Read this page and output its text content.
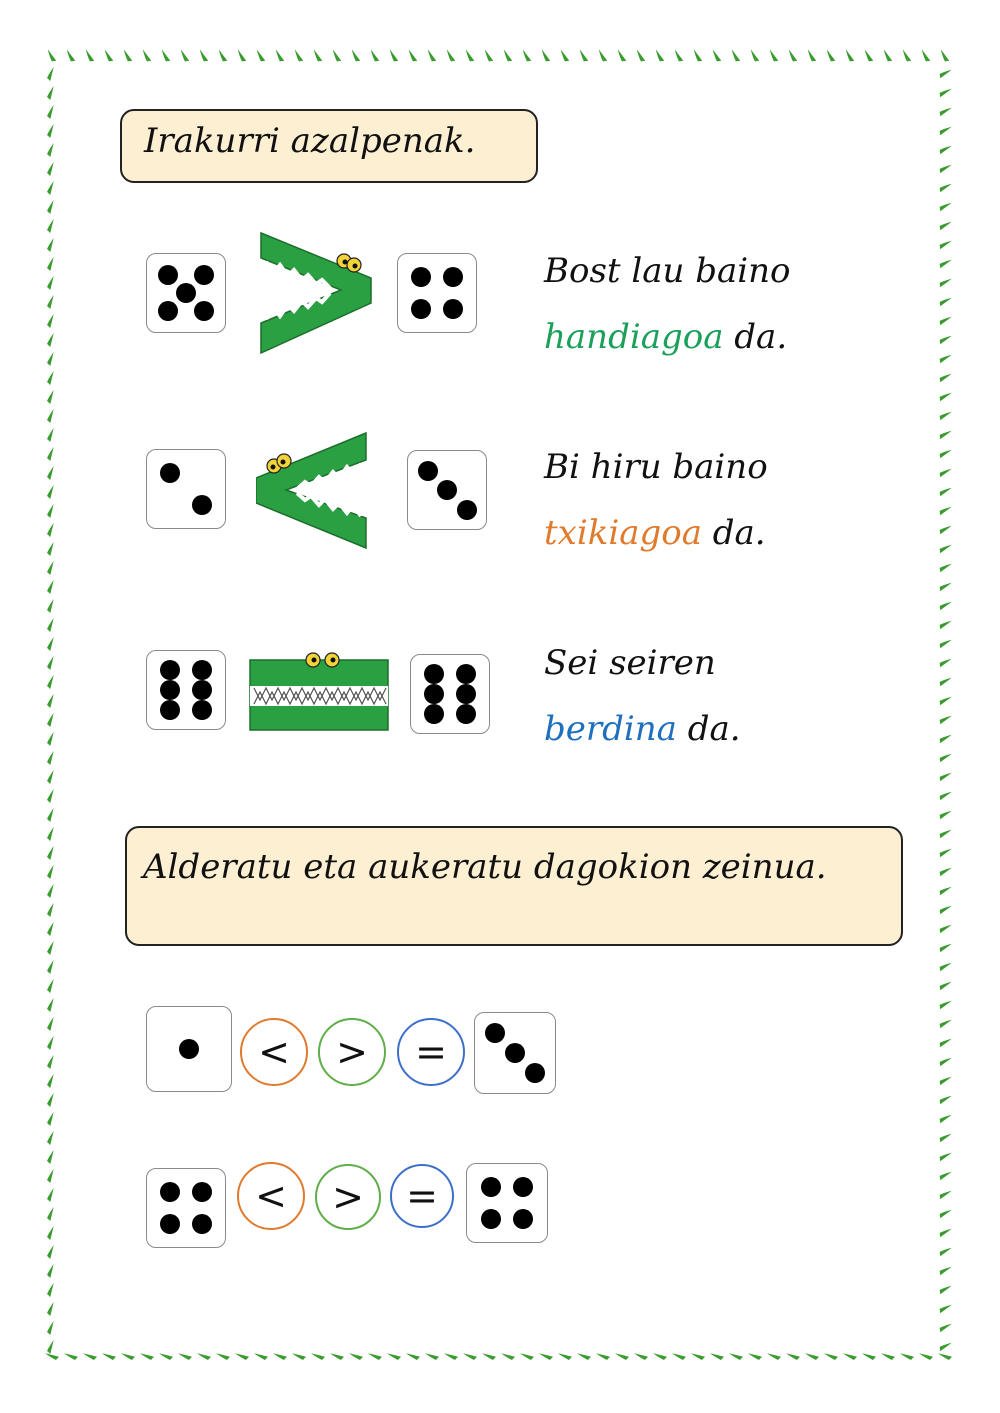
Irakurri azalpenak.
Bost lau baino
handiagoa da.
Bi hiru baino
txikiagoa da.
Sei seiren
berdina da.
Alderatu eta aukeratu dagokion zeinua.
<	>	=
<	>	=
